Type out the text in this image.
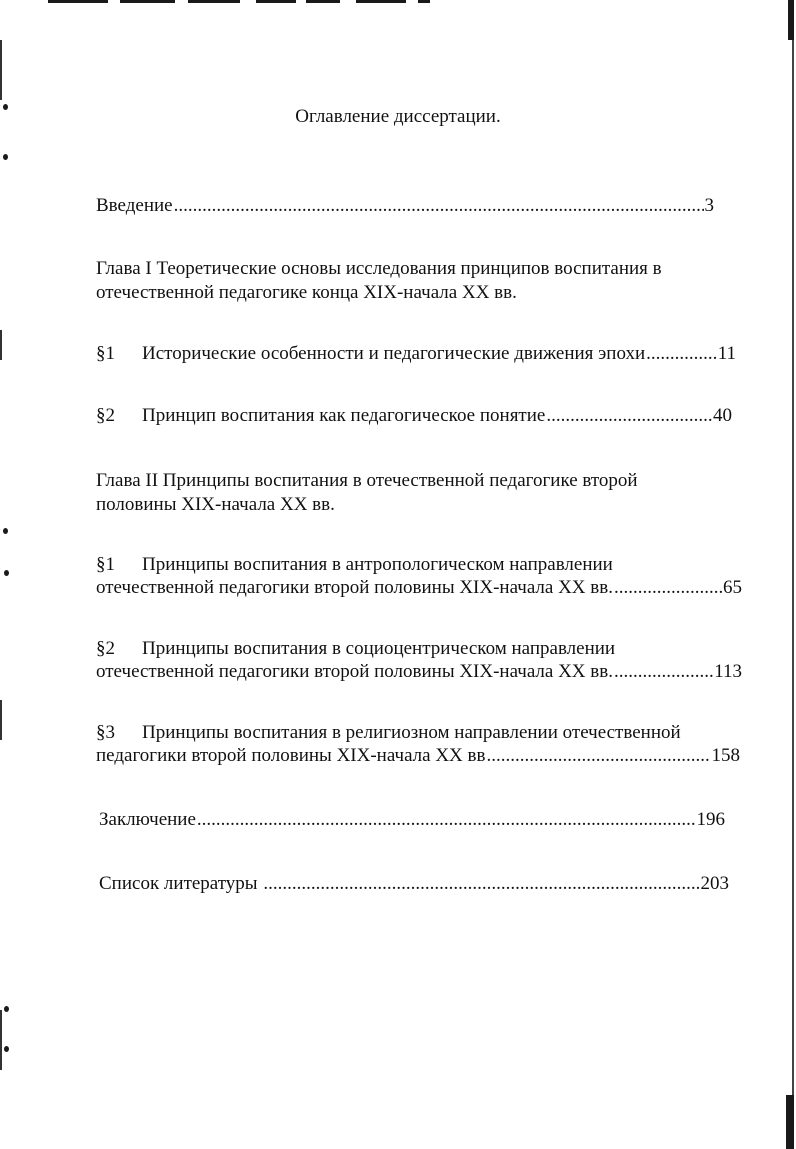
Оглавление диссертации.
Введение .....	3
Глава I Теоретические основы исследования принципов воспитания в
отечественной педагогике конца XIX-начала XX вв.
§1 Исторические особенности и педагогические движения эпохи .....	11
§2 Принцип воспитания как педагогическое понятие .....	40
Глава II Принципы воспитания в отечественной педагогике второй
половины XIX-начала XX вв.
§1 Принципы воспитания в антропологическом направлении
отечественной педагогики второй половины XIX-начала XX вв. .....	65
§2 Принципы воспитания в социоцентрическом направлении
отечественной педагогики второй половины XIX-начала XX вв. .....	113
§3 Принципы воспитания в религиозном направлении отечественной
педагогики второй половины XIX-начала XX вв .....	158
Заключение .....	196
Список литературы .....	203
